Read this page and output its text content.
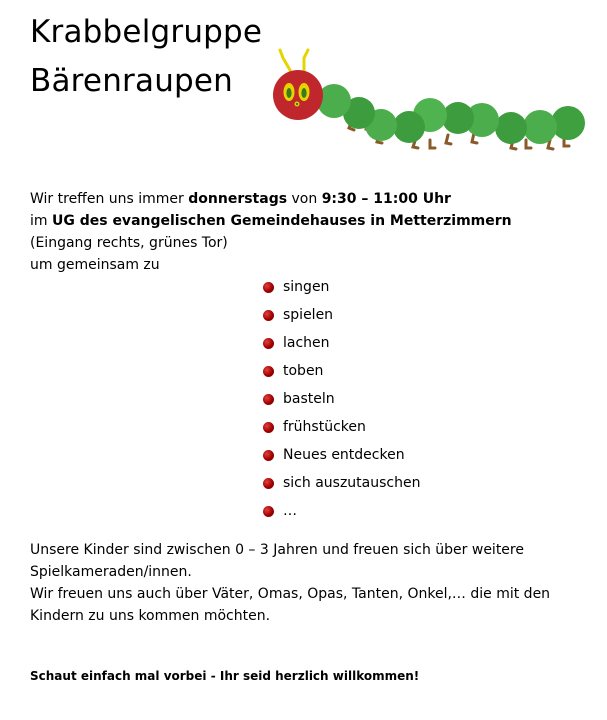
Krabbelgruppe
Bärenraupen
Wir treffen uns immer donnerstags von 9:30 – 11:00 Uhr
im UG des evangelischen Gemeindehauses in Metterzimmern
(Eingang rechts, grünes Tor)
um gemeinsam zu
singen
spielen
lachen
toben
basteln
frühstücken
Neues entdecken
sich auszutauschen
…
Unsere Kinder sind zwischen 0 – 3 Jahren und freuen sich über weitere
Spielkameraden/innen.
Wir freuen uns auch über Väter, Omas, Opas, Tanten, Onkel,… die mit den
Kindern zu uns kommen möchten.
Schaut einfach mal vorbei - Ihr seid herzlich willkommen!
